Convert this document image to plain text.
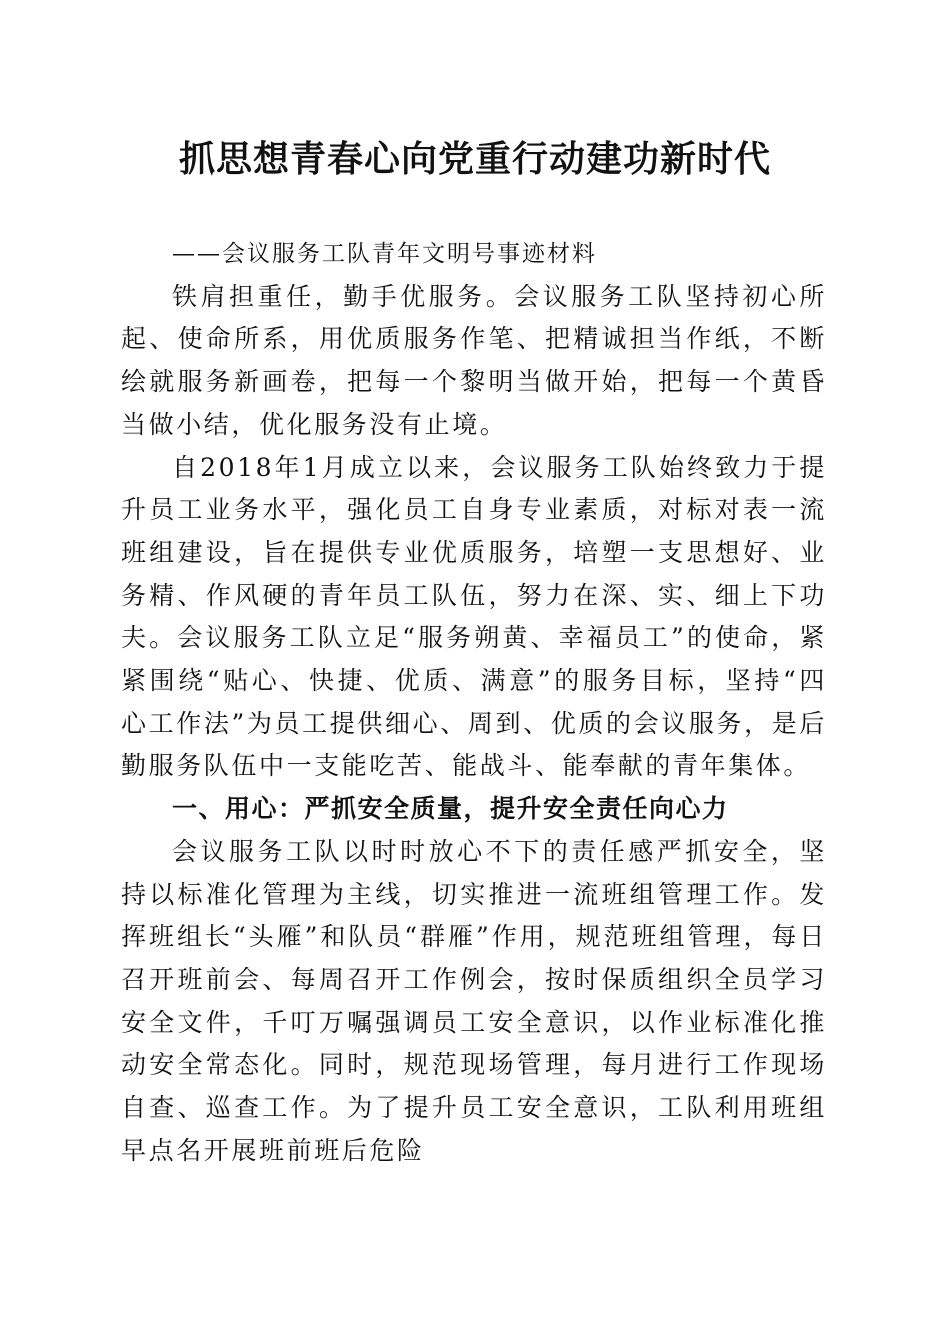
抓思想青春心向党重行动建功新时代

——会议服务工队青年文明号事迹材料

铁肩担重任，勤手优服务。会议服务工队坚持初心所起、使命所系，用优质服务作笔、把精诚担当作纸，不断绘就服务新画卷，把每一个黎明当做开始，把每一个黄昏当做小结，优化服务没有止境。

自2018年1月成立以来，会议服务工队始终致力于提升员工业务水平，强化员工自身专业素质，对标对表一流班组建设，旨在提供专业优质服务，培塑一支思想好、业务精、作风硬的青年员工队伍，努力在深、实、细上下功夫。会议服务工队立足“服务朔黄、幸福员工”的使命，紧紧围绕“贴心、快捷、优质、满意”的服务目标，坚持“四心工作法”为员工提供细心、周到、优质的会议服务，是后勤服务队伍中一支能吃苦、能战斗、能奉献的青年集体。

一、用心：严抓安全质量，提升安全责任向心力

会议服务工队以时时放心不下的责任感严抓安全，坚持以标准化管理为主线，切实推进一流班组管理工作。发挥班组长“头雁”和队员“群雁”作用，规范班组管理，每日召开班前会、每周召开工作例会，按时保质组织全员学习安全文件，千叮万嘱强调员工安全意识，以作业标准化推动安全常态化。同时，规范现场管理，每月进行工作现场自查、巡查工作。为了提升员工安全意识，工队利用班组早点名开展班前班后危险
